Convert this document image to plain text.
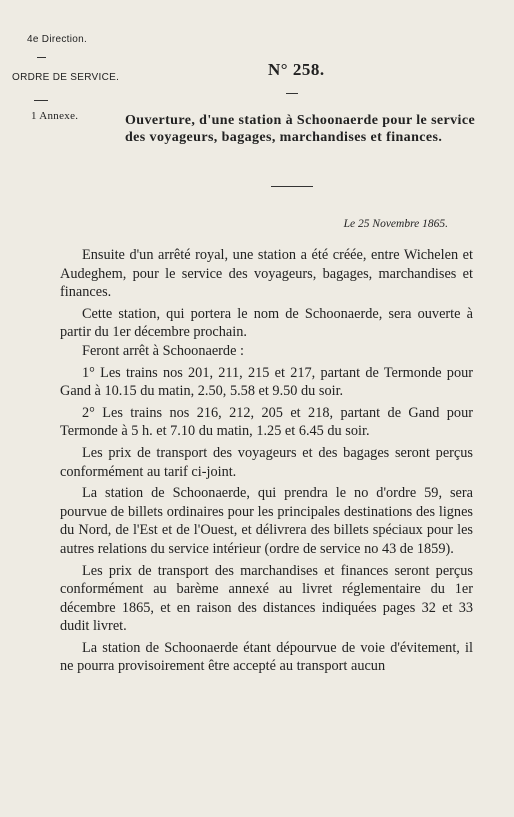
4e Direction.
ORDRE DE SERVICE.
1 Annexe.
N° 258.
Ouverture, d'une station à Schoonaerde pour le service des voyageurs, bagages, marchandises et finances.
Le 25 Novembre 1865.

Ensuite d'un arrêté royal, une station a été créée, entre Wichelen et Audeghem, pour le service des voyageurs, bagages, marchandises et finances.

Cette station, qui portera le nom de Schoonaerde, sera ouverte à partir du 1er décembre prochain.

Feront arrêt à Schoonaerde :

1° Les trains nos 201, 211, 215 et 217, partant de Termonde pour Gand à 10.15 du matin, 2.50, 5.58 et 9.50 du soir.

2° Les trains nos 216, 212, 205 et 218, partant de Gand pour Termonde à 5 h. et 7.10 du matin, 1.25 et 6.45 du soir.

Les prix de transport des voyageurs et des bagages seront perçus conformément au tarif ci-joint.

La station de Schoonaerde, qui prendra le no d'ordre 59, sera pourvue de billets ordinaires pour les principales destinations des lignes du Nord, de l'Est et de l'Ouest, et délivrera des billets spéciaux pour les autres relations du service intérieur (ordre de service no 43 de 1859).

Les prix de transport des marchandises et finances seront perçus conformément au barème annexé au livret réglementaire du 1er décembre 1865, et en raison des distances indiquées pages 32 et 33 dudit livret.

La station de Schoonaerde étant dépourvue de voie d'évitement, il ne pourra provisoirement être accepté au transport aucun
